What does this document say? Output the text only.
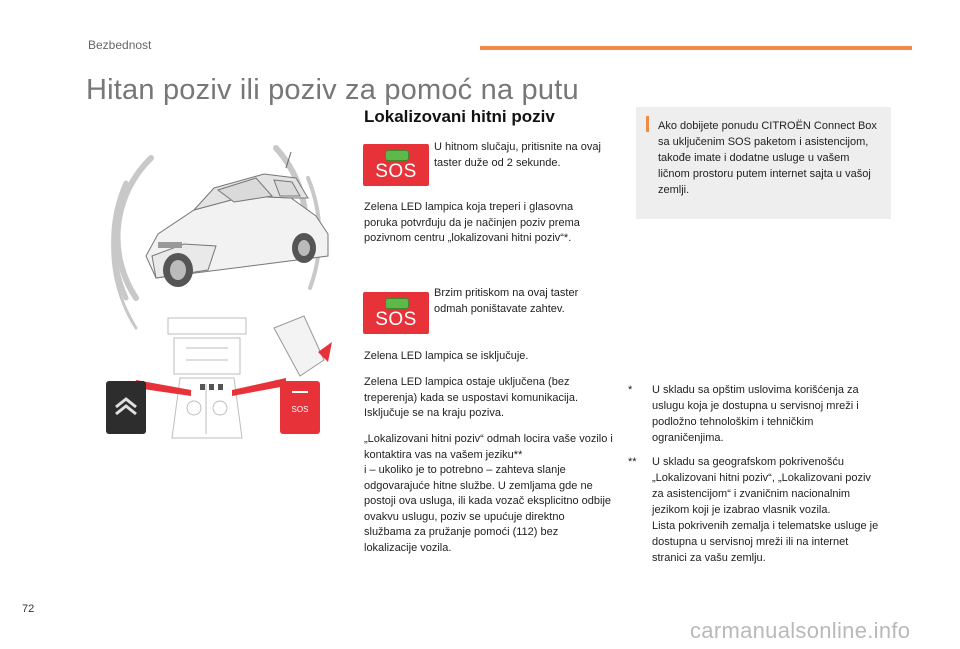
Bezbednost
Hitan poziv ili poziv za pomoć na putu
SOS
Lokalizovani hitni poziv
SOS
U hitnom slučaju, pritisnite na ovaj taster duže od 2 sekunde.
Zelena LED lampica koja treperi i glasovna poruka potvrđuju da je načinjen poziv prema pozivnom centru „lokalizovani hitni poziv“*.
SOS
Brzim pritiskom na ovaj taster odmah poništavate zahtev.
Zelena LED lampica se isključuje.
Zelena LED lampica ostaje uključena (bez treperenja) kada se uspostavi komunikacija. Isključuje se na kraju poziva.

„Lokalizovani hitni poziv“ odmah locira vaše vozilo i kontaktira vas na vašem jeziku**

i – ukoliko je to potrebno – zahteva slanje odgovarajuće hitne službe. U zemljama gde ne postoji ova usluga, ili kada vozač eksplicitno odbije ovakvu uslugu, poziv se upućuje direktno službama za pružanje pomoći (112) bez lokalizacije vozila.

Ako dobijete ponudu CITROËN Connect Box sa uključenim SOS paketom i asistencijom, takođe imate i dodatne usluge u vašem ličnom prostoru putem internet sajta u vašoj zemlji.
* U skladu sa opštim uslovima korišćenja za uslugu koja je dostupna u servisnoj mreži i podložno tehnološkim i tehničkim ograničenjima.
** U skladu sa geografskom pokrivenošću „Lokalizovani hitni poziv“, „Lokalizovani poziv za asistencijom“ i zvaničnim nacionalnim jezikom koji je izabrao vlasnik vozila.
Lista pokrivenih zemalja i telematske usluge je dostupna u servisnoj mreži ili na internet stranici za vašu zemlju.
72
carmanualsonline.info
